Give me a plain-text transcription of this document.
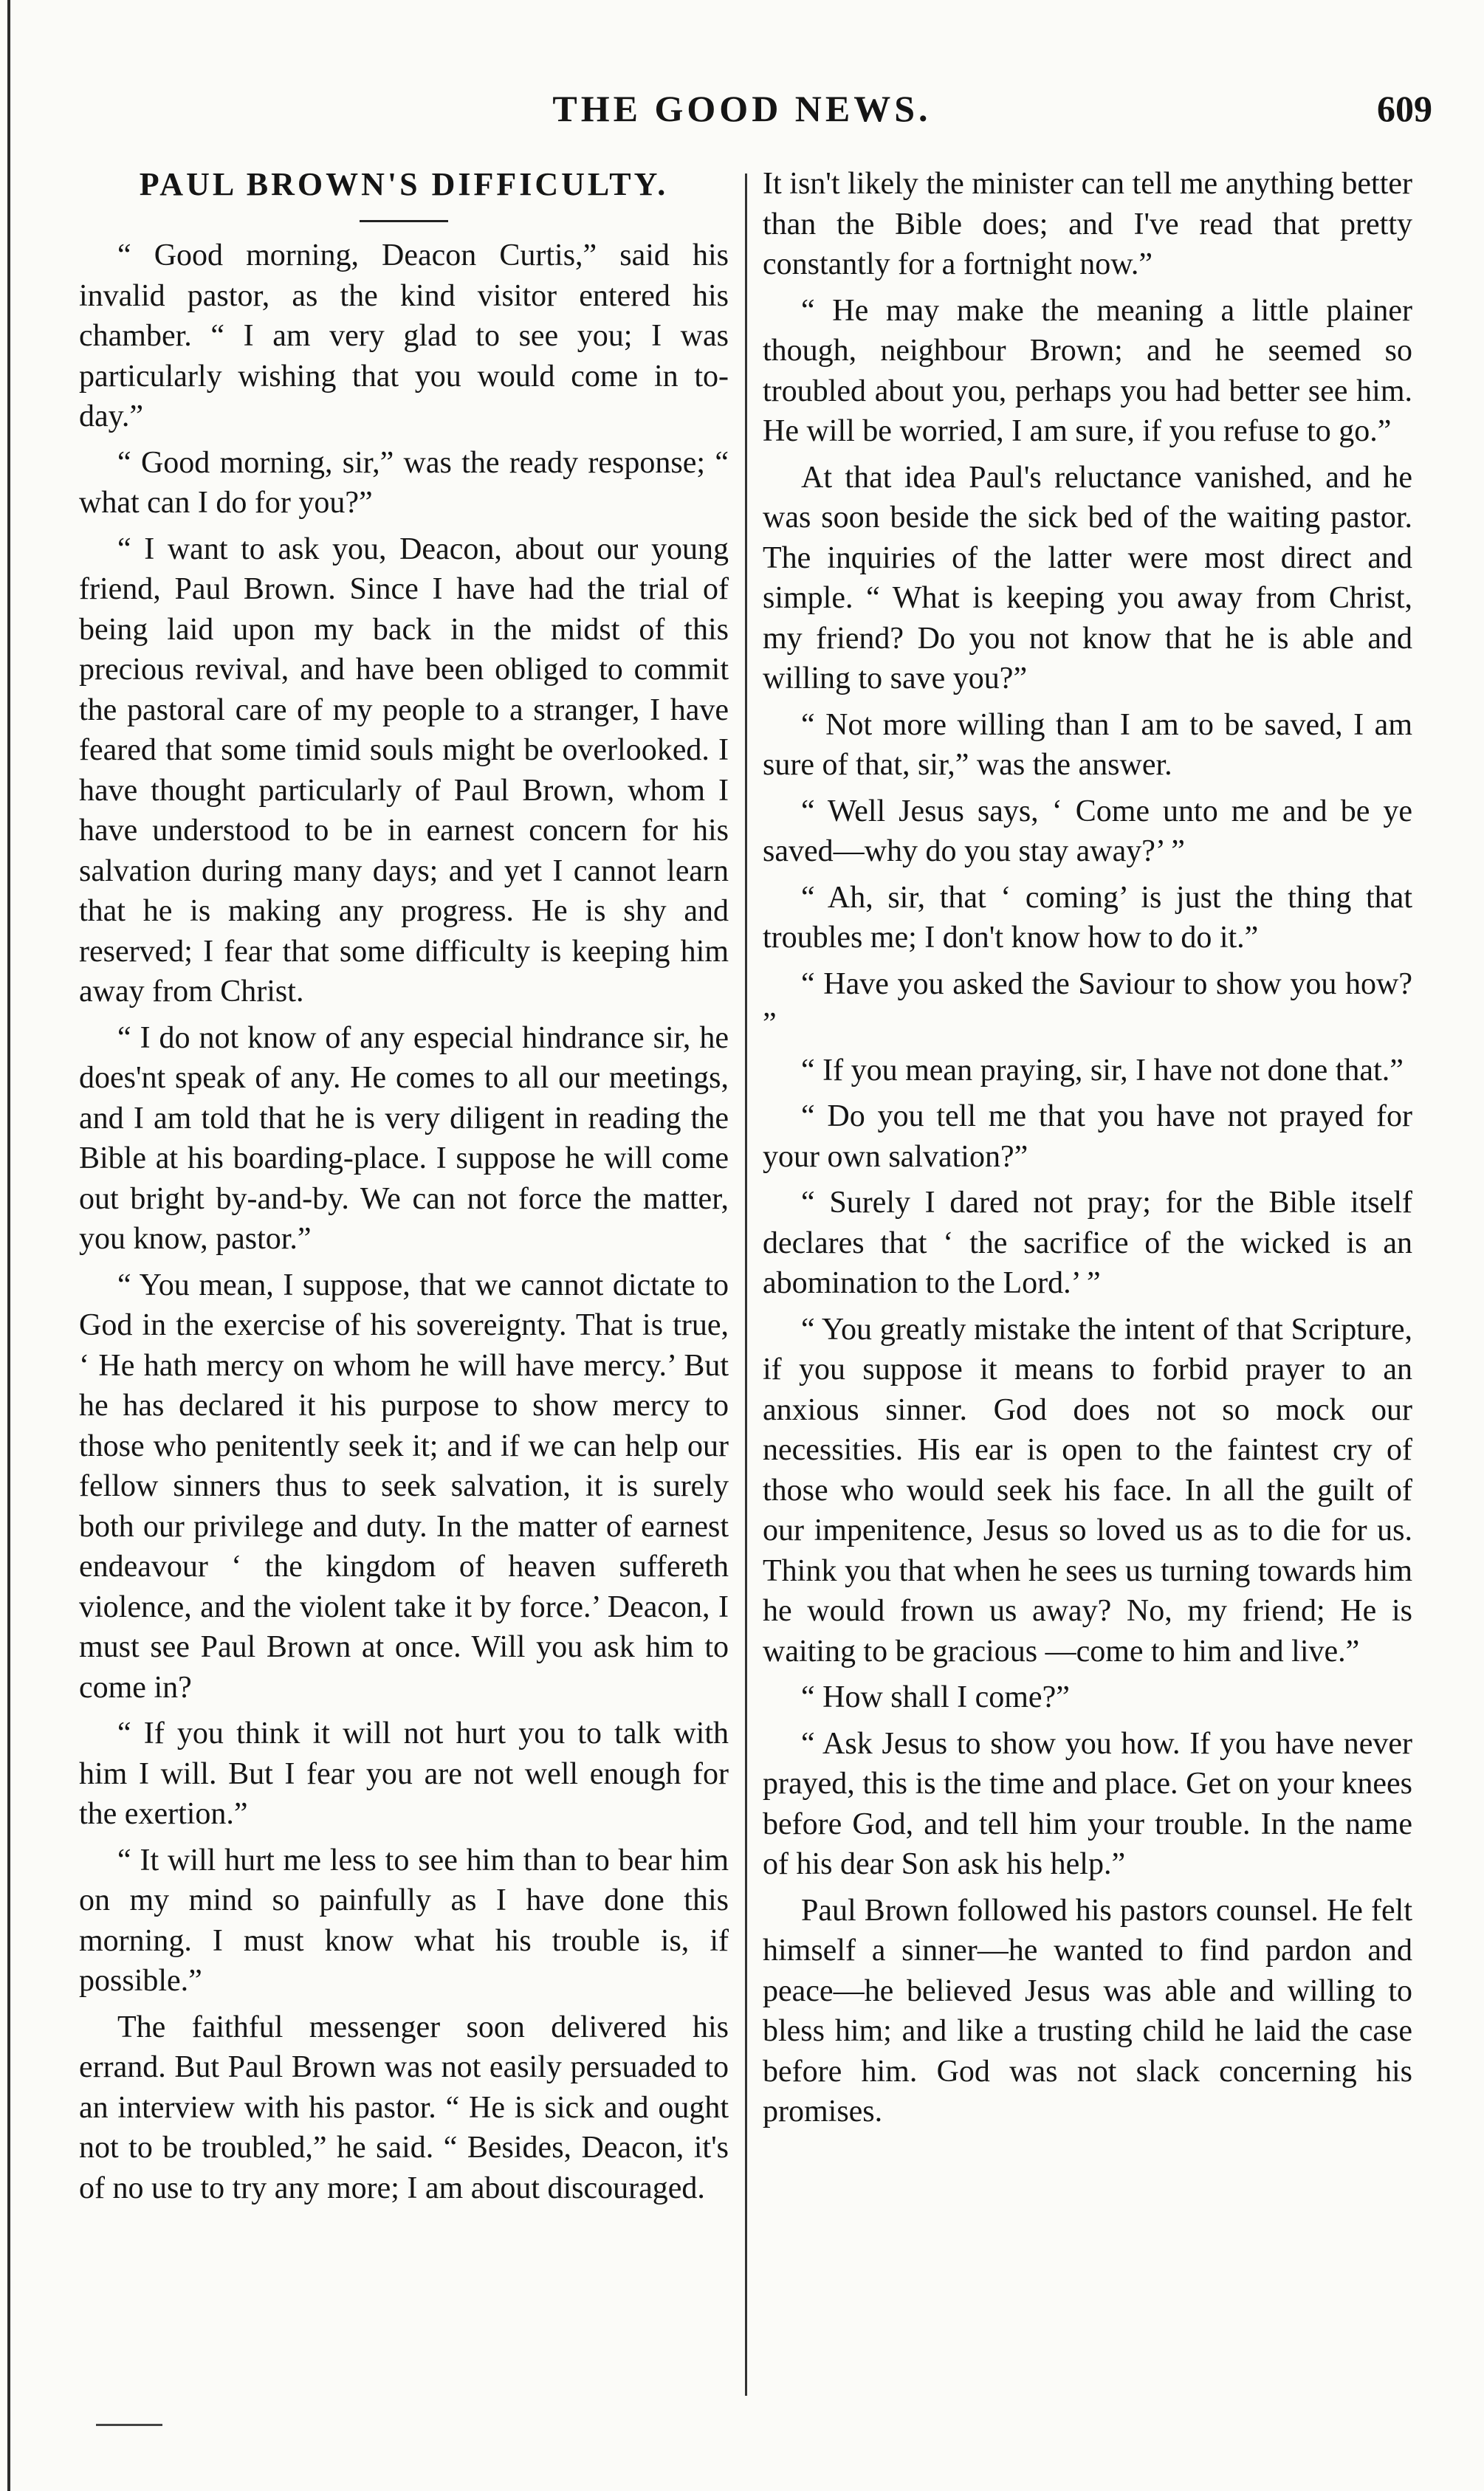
THE GOOD NEWS.	609
PAUL BROWN'S DIFFICULTY.

“ Good morning, Deacon Curtis,” said his invalid pastor, as the kind visitor entered his chamber. “ I am very glad to see you; I was particularly wishing that you would come in to-day.”

“ Good morning, sir,” was the ready response; “ what can I do for you?”

“ I want to ask you, Deacon, about our young friend, Paul Brown. Since I have had the trial of being laid upon my back in the midst of this precious revival, and have been obliged to commit the pastoral care of my people to a stranger, I have feared that some timid souls might be overlooked. I have thought particularly of Paul Brown, whom I have understood to be in earnest concern for his salvation during many days; and yet I cannot learn that he is making any progress. He is shy and reserved; I fear that some difficulty is keeping him away from Christ.

“ I do not know of any especial hindrance sir, he does'nt speak of any. He comes to all our meetings, and I am told that he is very diligent in reading the Bible at his boarding-place. I suppose he will come out bright by-and-by. We can not force the matter, you know, pastor.”

“ You mean, I suppose, that we cannot dictate to God in the exercise of his sovereignty. That is true, ‘ He hath mercy on whom he will have mercy.’ But he has declared it his purpose to show mercy to those who penitently seek it; and if we can help our fellow sinners thus to seek salvation, it is surely both our privilege and duty. In the matter of earnest endeavour ‘ the kingdom of heaven suffereth violence, and the violent take it by force.’ Deacon, I must see Paul Brown at once. Will you ask him to come in?

“ If you think it will not hurt you to talk with him I will. But I fear you are not well enough for the exertion.”

“ It will hurt me less to see him than to bear him on my mind so painfully as I have done this morning. I must know what his trouble is, if possible.”

The faithful messenger soon delivered his errand. But Paul Brown was not easily persuaded to an interview with his pastor. “ He is sick and ought not to be troubled,” he said. “ Besides, Deacon, it's of no use to try any more; I am about discouraged.

It isn't likely the minister can tell me anything better than the Bible does; and I've read that pretty constantly for a fortnight now.”

“ He may make the meaning a little plainer though, neighbour Brown; and he seemed so troubled about you, perhaps you had better see him. He will be worried, I am sure, if you refuse to go.”

At that idea Paul's reluctance vanished, and he was soon beside the sick bed of the waiting pastor. The inquiries of the latter were most direct and simple. “ What is keeping you away from Christ, my friend? Do you not know that he is able and willing to save you?”

“ Not more willing than I am to be saved, I am sure of that, sir,” was the answer.

“ Well Jesus says, ‘ Come unto me and be ye saved—why do you stay away?’ ”

“ Ah, sir, that ‘ coming’ is just the thing that troubles me; I don't know how to do it.”

“ Have you asked the Saviour to show you how? ”

“ If you mean praying, sir, I have not done that.”

“ Do you tell me that you have not prayed for your own salvation?”

“ Surely I dared not pray; for the Bible itself declares that ‘ the sacrifice of the wicked is an abomination to the Lord.’ ”

“ You greatly mistake the intent of that Scripture, if you suppose it means to forbid prayer to an anxious sinner. God does not so mock our necessities. His ear is open to the faintest cry of those who would seek his face. In all the guilt of our impenitence, Jesus so loved us as to die for us. Think you that when he sees us turning towards him he would frown us away? No, my friend; He is waiting to be gracious —come to him and live.”

“ How shall I come?”

“ Ask Jesus to show you how. If you have never prayed, this is the time and place. Get on your knees before God, and tell him your trouble. In the name of his dear Son ask his help.”

Paul Brown followed his pastors counsel. He felt himself a sinner—he wanted to find pardon and peace—he believed Jesus was able and willing to bless him; and like a trusting child he laid the case before him. God was not slack concerning his promises.
